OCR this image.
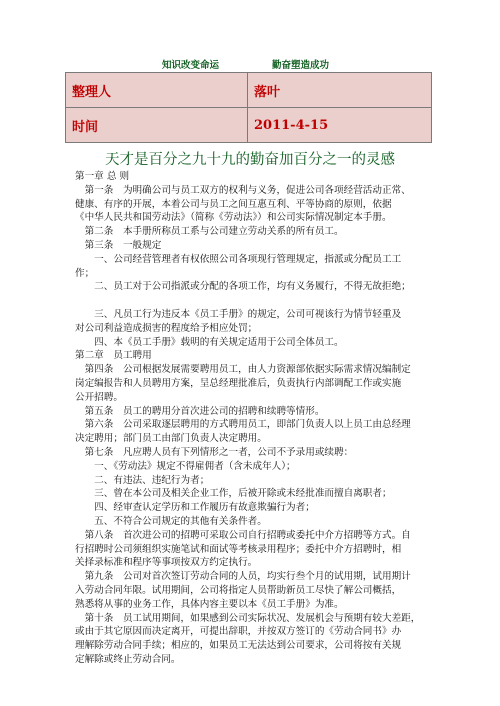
知识改变命运	勤奋塑造成功
整理人	落叶
时间	2011-4-15
天才是百分之九十九的勤奋加百分之一的灵感
第一章 总 则
　第一条　为明确公司与员工双方的权利与义务，促进公司各项经营活动正常、
健康、有序的开展，本着公司与员工之间互惠互利、平等协商的原则，依据
《中华人民共和国劳动法》（简称《劳动法》）和公司实际情况制定本手册。
　第二条　本手册所称员工系与公司建立劳动关系的所有员工。
　第三条　一般规定
　　一、公司经营管理者有权依照公司各项现行管理规定，指派或分配员工工
作；
　　二、员工对于公司指派或分配的各项工作，均有义务履行，不得无故拒绝；
　　三、凡员工行为违反本《员工手册》的规定，公司可视该行为情节轻重及
对公司利益造成损害的程度给予相应处罚；
　　四、本《员工手册》载明的有关规定适用于公司全体员工。
第二章　员工聘用
　第四条　公司根据发展需要聘用员工，由人力资源部依据实际需求情况编制定
岗定编报告和人员聘用方案，呈总经理批准后，负责执行内部调配工作或实施
公开招聘。
　第五条　员工的聘用分首次进公司的招聘和续聘等情形。
　第六条　公司采取逐层聘用的方式聘用员工，即部门负责人以上员工由总经理
决定聘用；部门员工由部门负责人决定聘用。
　第七条　凡应聘人员有下列情形之一者，公司不予录用或续聘：
　　一、《劳动法》规定不得雇佣者（含未成年人）；
　　二、有违法、违纪行为者；
　　三、曾在本公司及相关企业工作，后被开除或未经批准而擅自离职者；
　　四、经审查认定学历和工作履历有故意欺骗行为者；
　　五、不符合公司规定的其他有关条件者。
　第八条　首次进公司的招聘可采取公司自行招聘或委托中介方招聘等方式。自
行招聘时公司须组织实施笔试和面试等考核录用程序；委托中介方招聘时，相
关择录标准和程序等事项按双方约定执行。
　第九条　公司对首次签订劳动合同的人员，均实行叁个月的试用期，试用期计
入劳动合同年限。试用期间，公司将指定人员帮助新员工尽快了解公司概括，
熟悉将从事的业务工作，具体内容主要以本《员工手册》为准。
　第十条　员工试用期间，如果感到公司实际状况、发展机会与预期有较大差距，
或由于其它原因而决定离开，可提出辞职，并按双方签订的《劳动合同书》办
理解除劳动合同手续；相应的，如果员工无法达到公司要求，公司将按有关规
定解除或终止劳动合同。
